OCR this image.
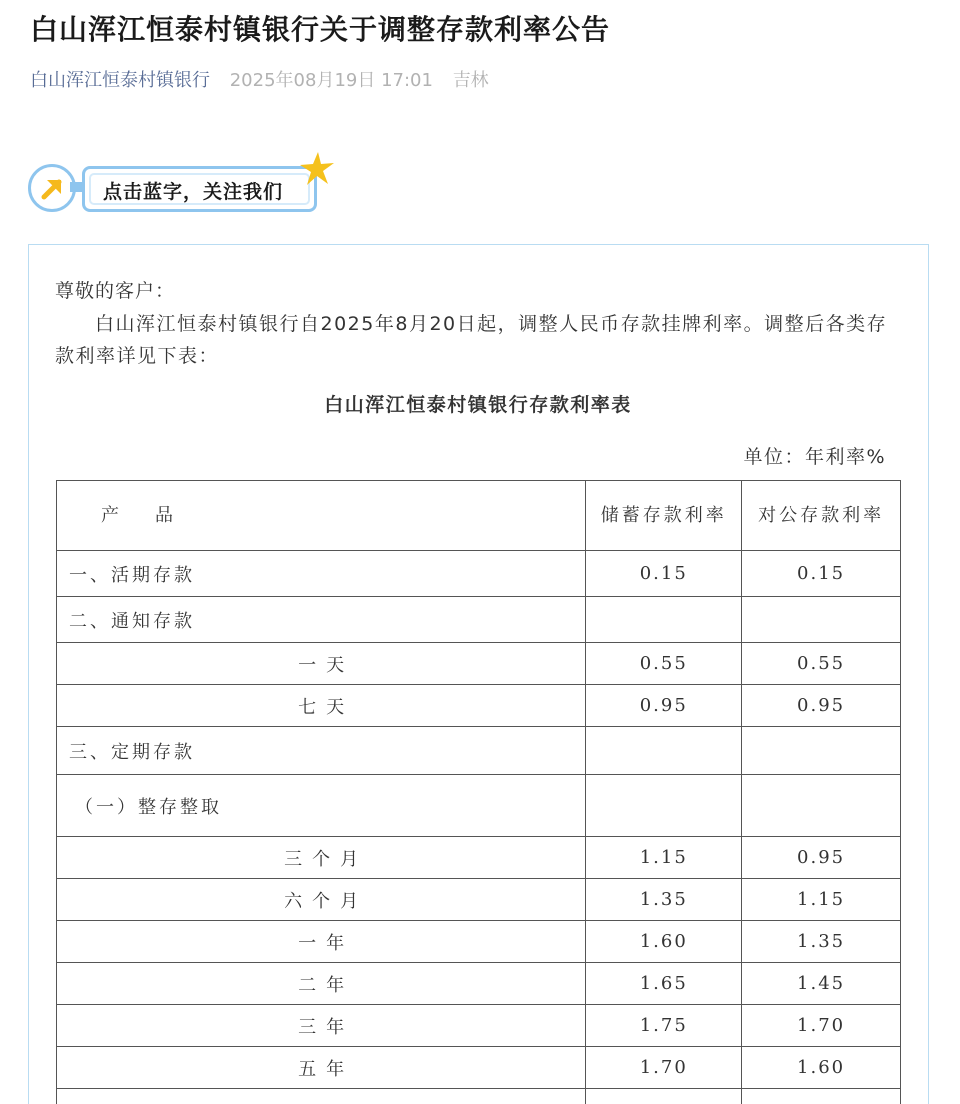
白山浑江恒泰村镇银行关于调整存款利率公告
白山浑江恒泰村镇银行 2025年08月19日 17:01 吉林
点击蓝字，关注我们
尊敬的客户：
白山浑江恒泰村镇银行自2025年8月20日起，调整人民币存款挂牌利率。调整后各类存款利率详见下表：
白山浑江恒泰村镇银行存款利率表
单位：年利率%
产　　品	储蓄存款利率	对公存款利率
一、活期存款	0.15	0.15
二、通知存款		
一天	0.55	0.55
七天	0.95	0.95
三、定期存款		
（一）整存整取		
三个月	1.15	0.95
六个月	1.35	1.15
一年	1.60	1.35
二年	1.65	1.45
三年	1.75	1.70
五年	1.70	1.60
